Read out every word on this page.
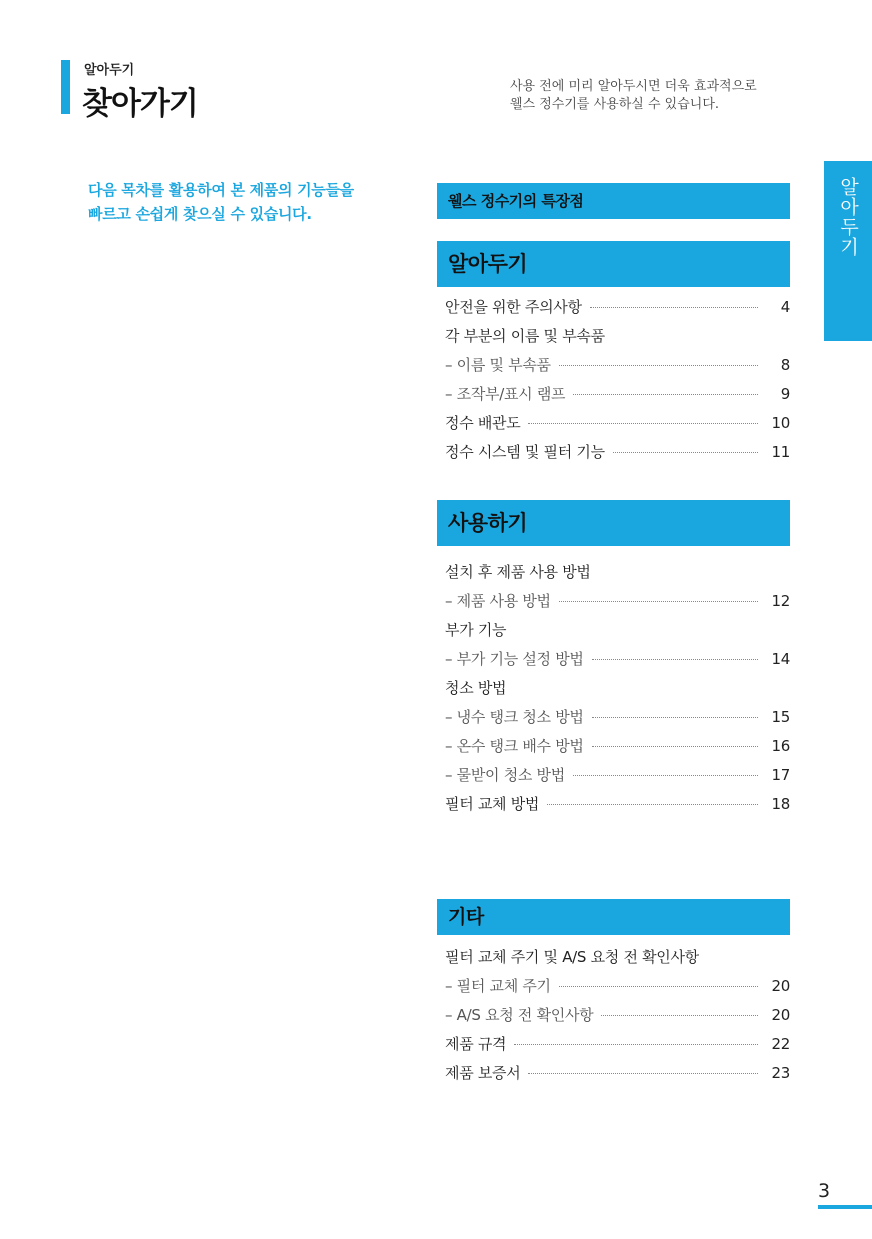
알아두기
찾아가기	사용 전에 미리 알아두시면 더욱 효과적으로
웰스 정수기를 사용하실 수 있습니다.
다음 목차를 활용하여 본 제품의 기능들을
빠르고 손쉽게 찾으실 수 있습니다.	알아두기
웰스 정수기의 특장점
알아두기
안전을 위한 주의사항	4
각 부분의 이름 및 부속품
– 이름 및 부속품	8
– 조작부/표시 램프	9
정수 배관도	10
정수 시스템 및 필터 기능	11
사용하기
설치 후 제품 사용 방법
– 제품 사용 방법	12
부가 기능
– 부가 기능 설정 방법	14
청소 방법
– 냉수 탱크 청소 방법	15
– 온수 탱크 배수 방법	16
– 물받이 청소 방법	17
필터 교체 방법	18
기타
필터 교체 주기 및 A/S 요청 전 확인사항
– 필터 교체 주기	20
– A/S 요청 전 확인사항	20
제품 규격	22
제품 보증서	23
3
